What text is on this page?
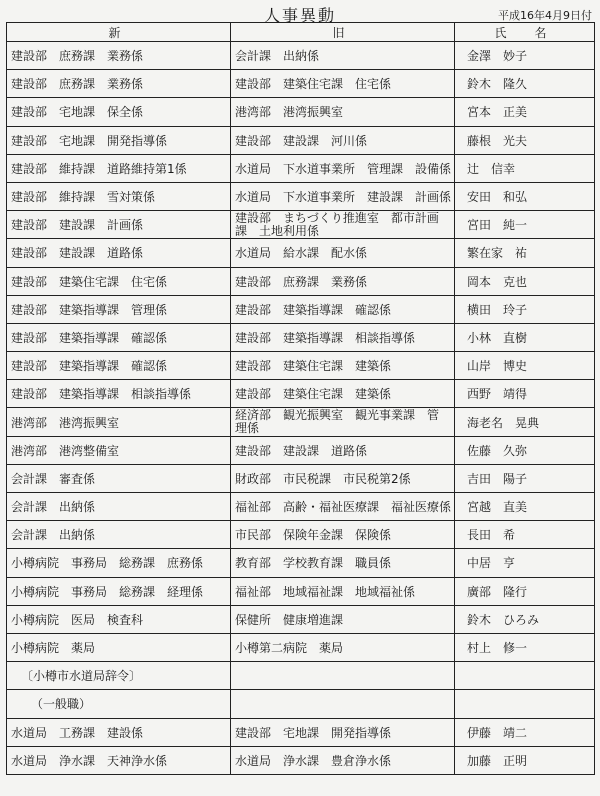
人事異動	平成16年4月9日付
新	旧	氏　名
建設部　庶務課　業務係	会計課　出納係	金澤　妙子
建設部　庶務課　業務係	建設部　建築住宅課　住宅係	鈴木　隆久
建設部　宅地課　保全係	港湾部　港湾振興室	宮本　正美
建設部　宅地課　開発指導係	建設部　建設課　河川係	藤根　光夫
建設部　維持課　道路維持第1係	水道局　下水道事業所　管理課　設備係	辻　信幸
建設部　維持課　雪対策係	水道局　下水道事業所　建設課　計画係	安田　和弘
建設部　建設課　計画係	建設部　まちづくり推進室　都市計画課　土地利用係	宮田　純一
建設部　建設課　道路係	水道局　給水課　配水係	繁在家　祐
建設部　建築住宅課　住宅係	建設部　庶務課　業務係	岡本　克也
建設部　建築指導課　管理係	建設部　建築指導課　確認係	横田　玲子
建設部　建築指導課　確認係	建設部　建築指導課　相談指導係	小林　直樹
建設部　建築指導課　確認係	建設部　建築住宅課　建築係	山岸　博史
建設部　建築指導課　相談指導係	建設部　建築住宅課　建築係	西野　靖得
港湾部　港湾振興室	経済部　観光振興室　観光事業課　管理係	海老名　晃典
港湾部　港湾整備室	建設部　建設課　道路係	佐藤　久弥
会計課　審査係	財政部　市民税課　市民税第2係	吉田　陽子
会計課　出納係	福祉部　高齢・福祉医療課　福祉医療係	宮越　直美
会計課　出納係	市民部　保険年金課　保険係	長田　希
小樽病院　事務局　総務課　庶務係	教育部　学校教育課　職員係	中居　亨
小樽病院　事務局　総務課　経理係	福祉部　地域福祉課　地域福祉係	廣部　隆行
小樽病院　医局　検査科	保健所　健康増進課	鈴木　ひろみ
小樽病院　薬局	小樽第二病院　薬局	村上　修一
〔小樽市水道局辞令〕		
（一般職）		
水道局　工務課　建設係	建設部　宅地課　開発指導係	伊藤　靖二
水道局　浄水課　天神浄水係	水道局　浄水課　豊倉浄水係	加藤　正明
